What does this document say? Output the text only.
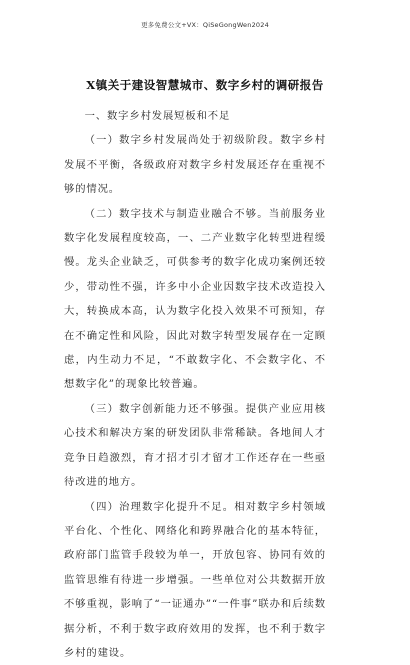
更多免费公文+VX：QiSeGongWen2024
X镇关于建设智慧城市、数字乡村的调研报告

一、数字乡村发展短板和不足

（一）数字乡村发展尚处于初级阶段。数字乡村发展不平衡，各级政府对数字乡村发展还存在重视不够的情况。

（二）数字技术与制造业融合不够。当前服务业数字化发展程度较高，一、二产业数字化转型进程缓慢。龙头企业缺乏，可供参考的数字化成功案例还较少，带动性不强，许多中小企业因数字技术改造投入大，转换成本高，认为数字化投入效果不可预知，存在不确定性和风险，因此对数字转型发展存在一定顾虑，内生动力不足，“不敢数字化、不会数字化、不想数字化”的现象比较普遍。

（三）数字创新能力还不够强。提供产业应用核心技术和解决方案的研发团队非常稀缺。各地间人才竞争日趋激烈，育才招才引才留才工作还存在一些亟待改进的地方。

（四）治理数字化提升不足。相对数字乡村领域平台化、个性化、网络化和跨界融合化的基本特征，政府部门监管手段较为单一，开放包容、协同有效的监管思维有待进一步增强。一些单位对公共数据开放不够重视，影响了“一证通办”“一件事”联办和后续数据分析，不利于数字政府效用的发挥，也不利于数字乡村的建设。
